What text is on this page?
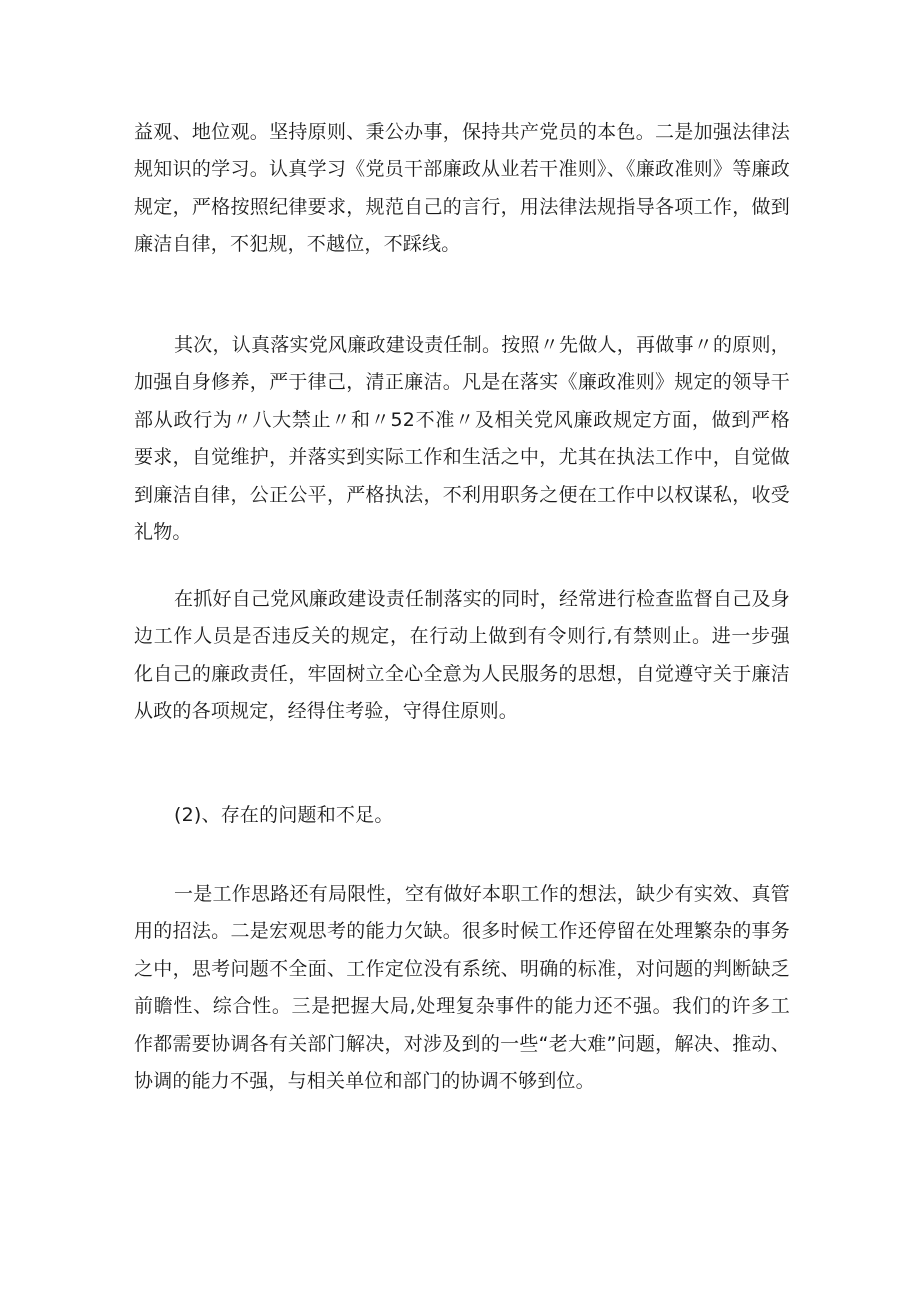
益观、地位观。坚持原则、秉公办事，保持共产党员的本色。二是加强法律法规知识的学习。认真学习《党员干部廉政从业若干准则》、《廉政准则》等廉政规定，严格按照纪律要求，规范自己的言行，用法律法规指导各项工作，做到廉洁自律，不犯规，不越位，不踩线。

其次，认真落实党风廉政建设责任制。按照〃先做人，再做事〃的原则，加强自身修养，严于律己，清正廉洁。凡是在落实《廉政准则》规定的领导干部从政行为〃八大禁止〃和〃52不准〃及相关党风廉政规定方面，做到严格要求，自觉维护，并落实到实际工作和生活之中，尤其在执法工作中，自觉做到廉洁自律，公正公平，严格执法，不利用职务之便在工作中以权谋私，收受礼物。

在抓好自己党风廉政建设责任制落实的同时，经常进行检查监督自己及身边工作人员是否违反关的规定，在行动上做到有令则行,有禁则止。进一步强化自己的廉政责任，牢固树立全心全意为人民服务的思想，自觉遵守关于廉洁从政的各项规定，经得住考验，守得住原则。

(2)、存在的问题和不足。

一是工作思路还有局限性，空有做好本职工作的想法，缺少有实效、真管用的招法。二是宏观思考的能力欠缺。很多时候工作还停留在处理繁杂的事务之中，思考问题不全面、工作定位没有系统、明确的标准，对问题的判断缺乏前瞻性、综合性。三是把握大局,处理复杂事件的能力还不强。我们的许多工作都需要协调各有关部门解决，对涉及到的一些“老大难”问题，解决、推动、协调的能力不强，与相关单位和部门的协调不够到位。
